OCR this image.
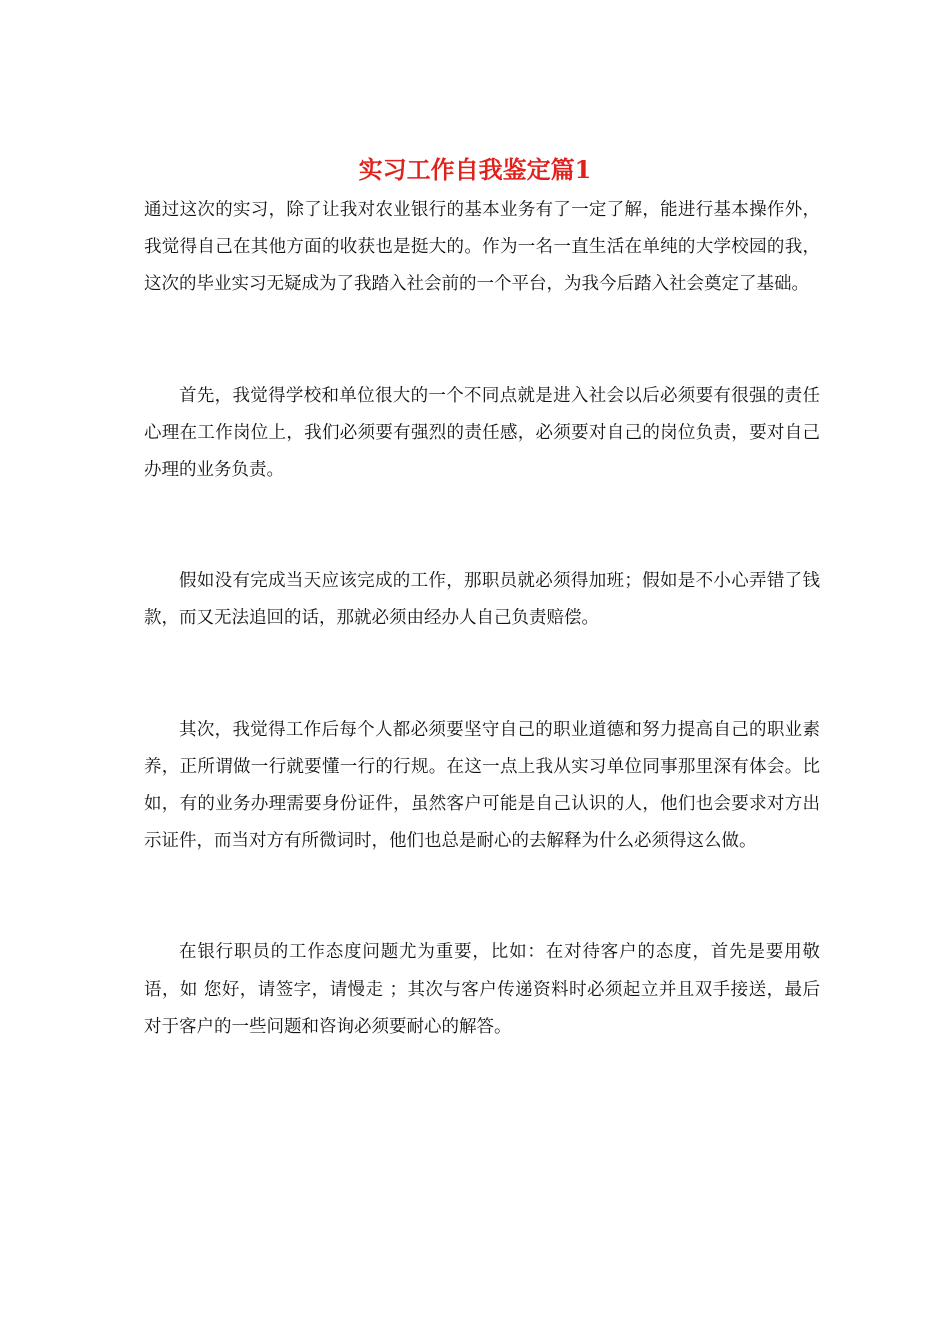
实习工作自我鉴定篇1

通过这次的实习，除了让我对农业银行的基本业务有了一定了解，能进行基本操作外，我觉得自己在其他方面的收获也是挺大的。作为一名一直生活在单纯的大学校园的我，这次的毕业实习无疑成为了我踏入社会前的一个平台，为我今后踏入社会奠定了基础。

首先，我觉得学校和单位很大的一个不同点就是进入社会以后必须要有很强的责任心理在工作岗位上，我们必须要有强烈的责任感，必须要对自己的岗位负责，要对自己办理的业务负责。

假如没有完成当天应该完成的工作，那职员就必须得加班；假如是不小心弄错了钱款，而又无法追回的话，那就必须由经办人自己负责赔偿。

其次，我觉得工作后每个人都必须要坚守自己的职业道德和努力提高自己的职业素养，正所谓做一行就要懂一行的行规。在这一点上我从实习单位同事那里深有体会。比如，有的业务办理需要身份证件，虽然客户可能是自己认识的人，他们也会要求对方出示证件，而当对方有所微词时，他们也总是耐心的去解释为什么必须得这么做。

在银行职员的工作态度问题尤为重要，比如：在对待客户的态度，首先是要用敬语，如 您好，请签字，请慢走 ；其次与客户传递资料时必须起立并且双手接送，最后对于客户的一些问题和咨询必须要耐心的解答。
